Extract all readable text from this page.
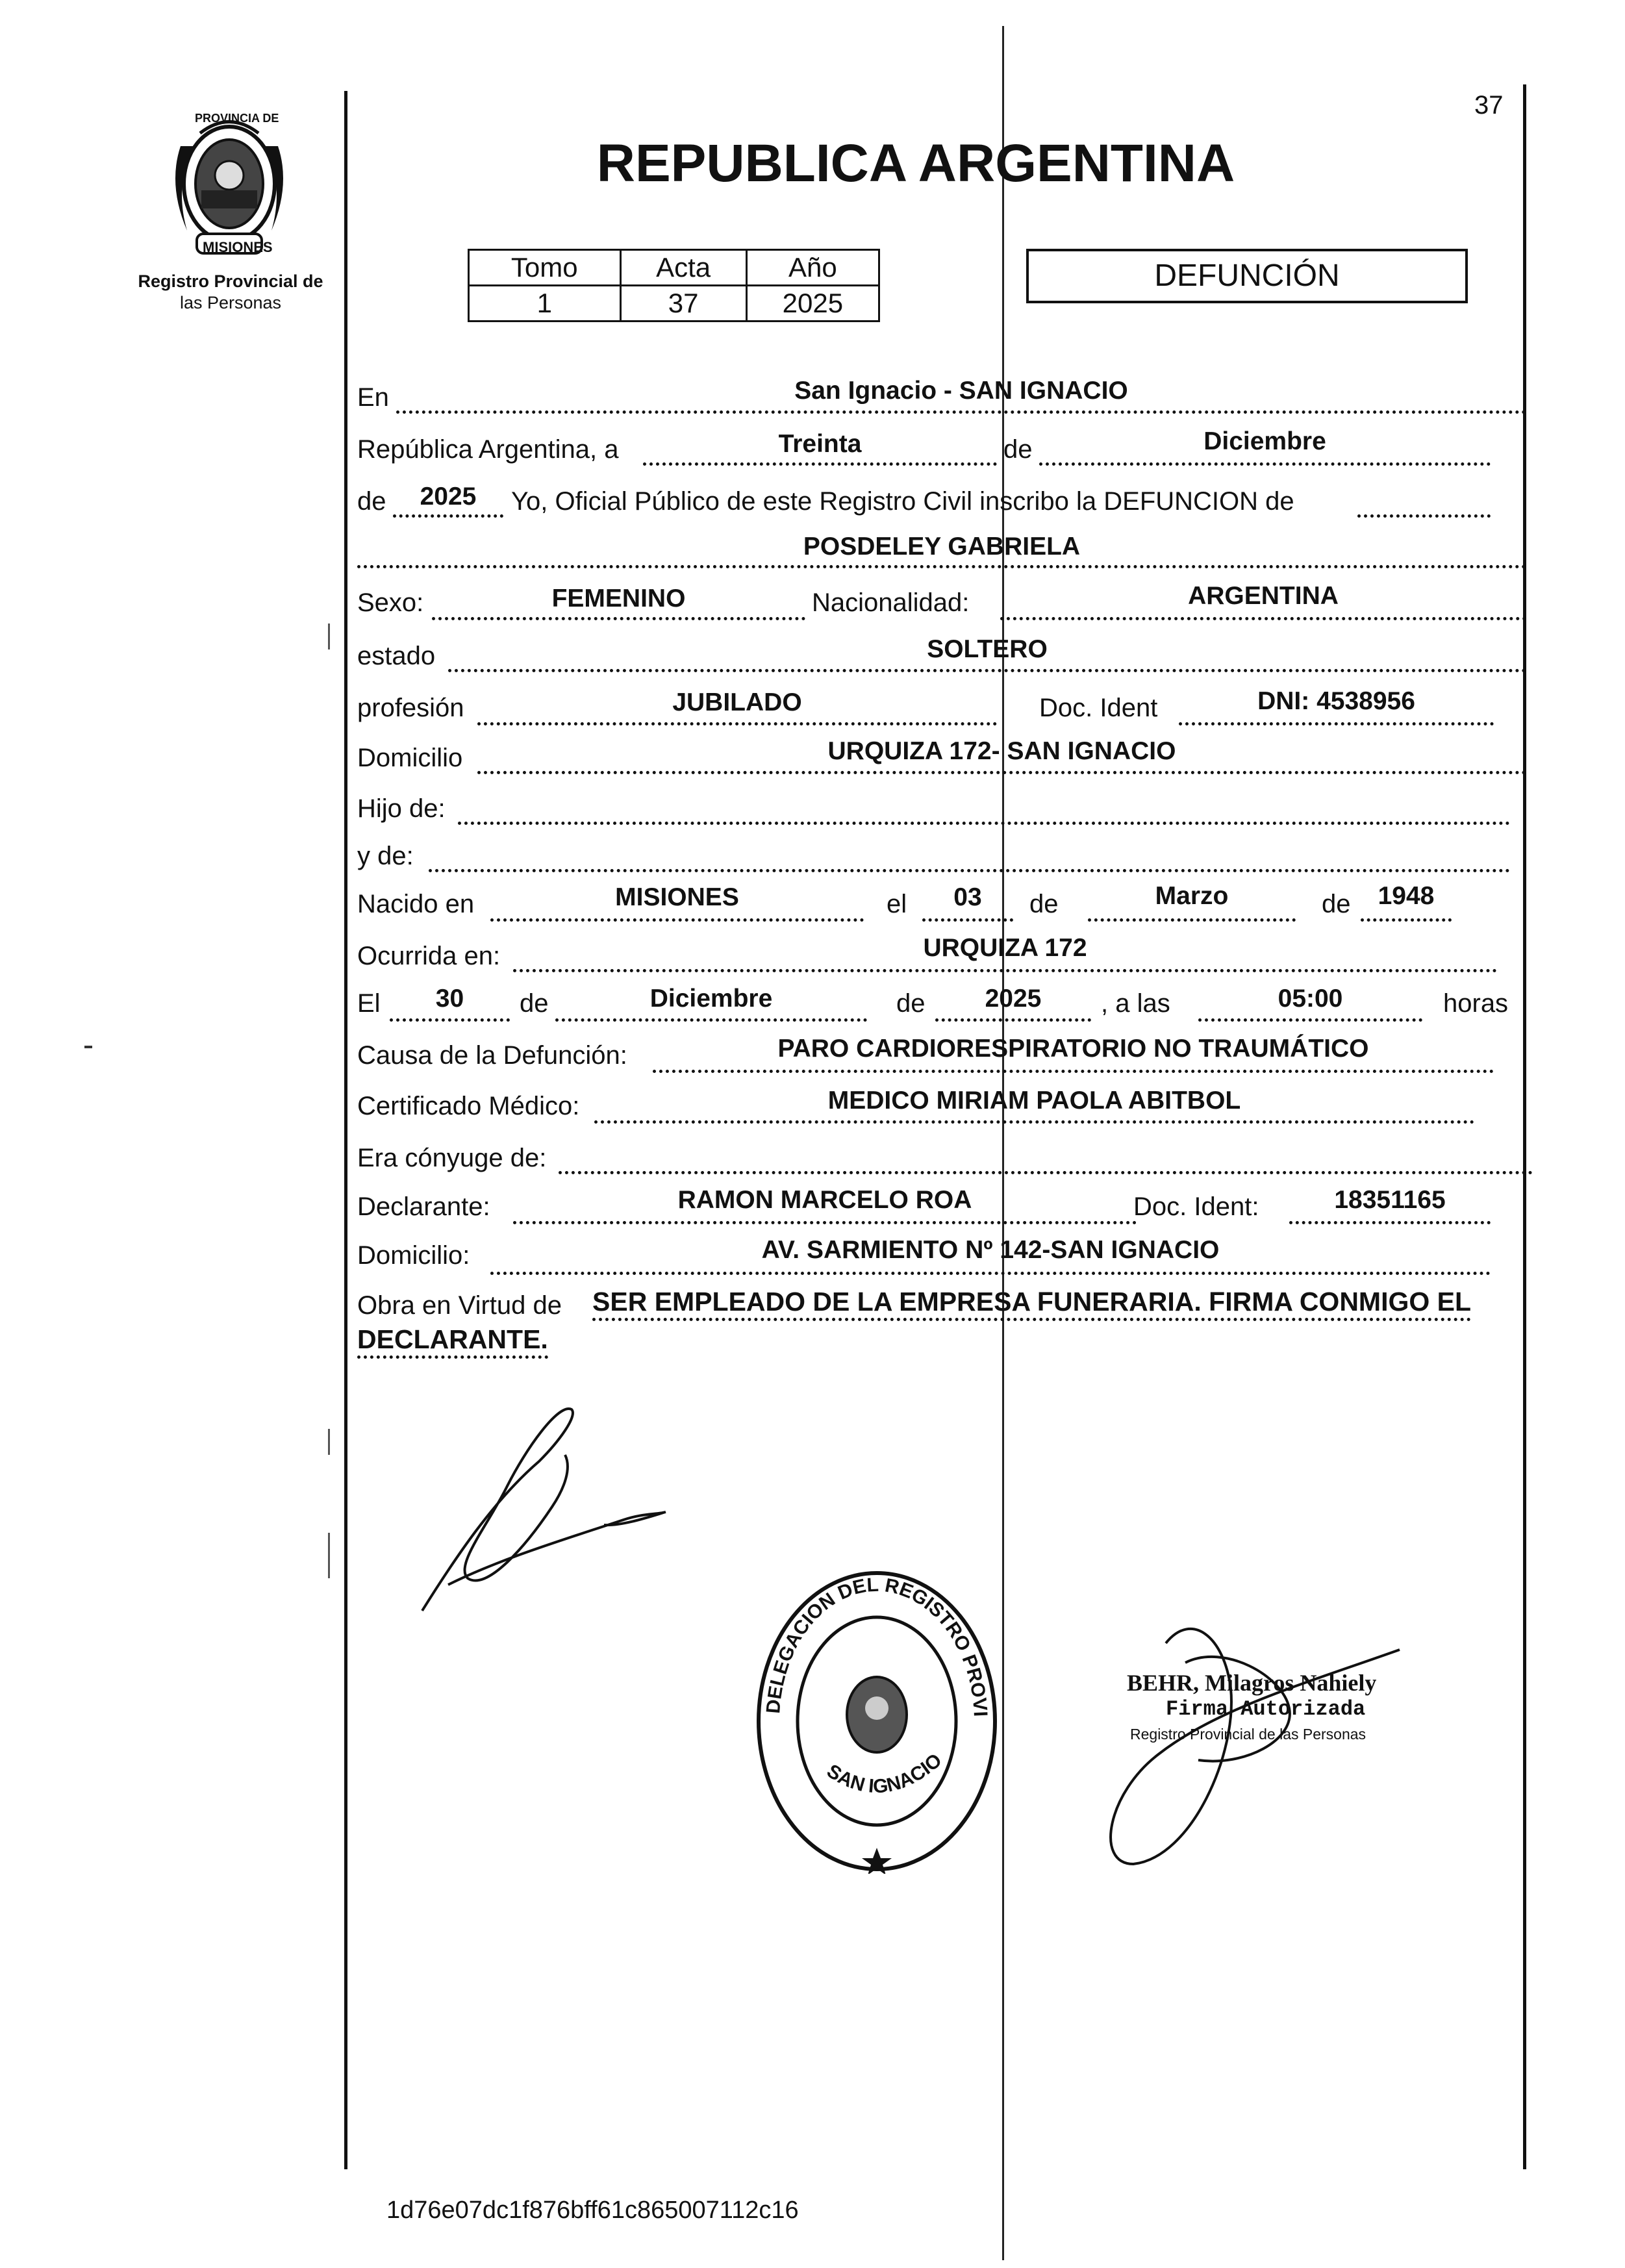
PROVINCIA DE
MISIONES
Registro Provincial de
las Personas
37
REPUBLICA ARGENTINA
Tomo	Acta	Año
1	37	2025
DEFUNCIÓN
En	San Ignacio - SAN IGNACIO
República Argentina, a	Treinta	de	Diciembre
de	2025	Yo, Oficial Público de este Registro Civil inscribo la DEFUNCION de
POSDELEY GABRIELA
Sexo:	FEMENINO	Nacionalidad:	ARGENTINA
estado	SOLTERO
profesión	JUBILADO	Doc. Ident	DNI: 4538956
Domicilio	URQUIZA 172- SAN IGNACIO
Hijo de:
y de:
Nacido en	MISIONES	el	03	de	Marzo	de	1948
Ocurrida en:	URQUIZA 172
El	30	de	Diciembre	de	2025	, a las	05:00	horas
Causa de la Defunción:	PARO CARDIORESPIRATORIO NO TRAUMÁTICO
Certificado Médico:	MEDICO MIRIAM PAOLA ABITBOL
Era cónyuge de:
Declarante:	RAMON MARCELO ROA	Doc. Ident:	18351165
Domicilio:	AV. SARMIENTO Nº 142-SAN IGNACIO
Obra en Virtud de SER EMPLEADO DE LA EMPRESA FUNERARIA. FIRMA CONMIGO EL
DECLARANTE.
DELEGACION DEL REGISTRO PROVI
SAN IGNACIO
BEHR, Milagros Nahiely
Firma Autorizada
Registro Provincial de las Personas
1d76e07dc1f876bff61c865007112c16
